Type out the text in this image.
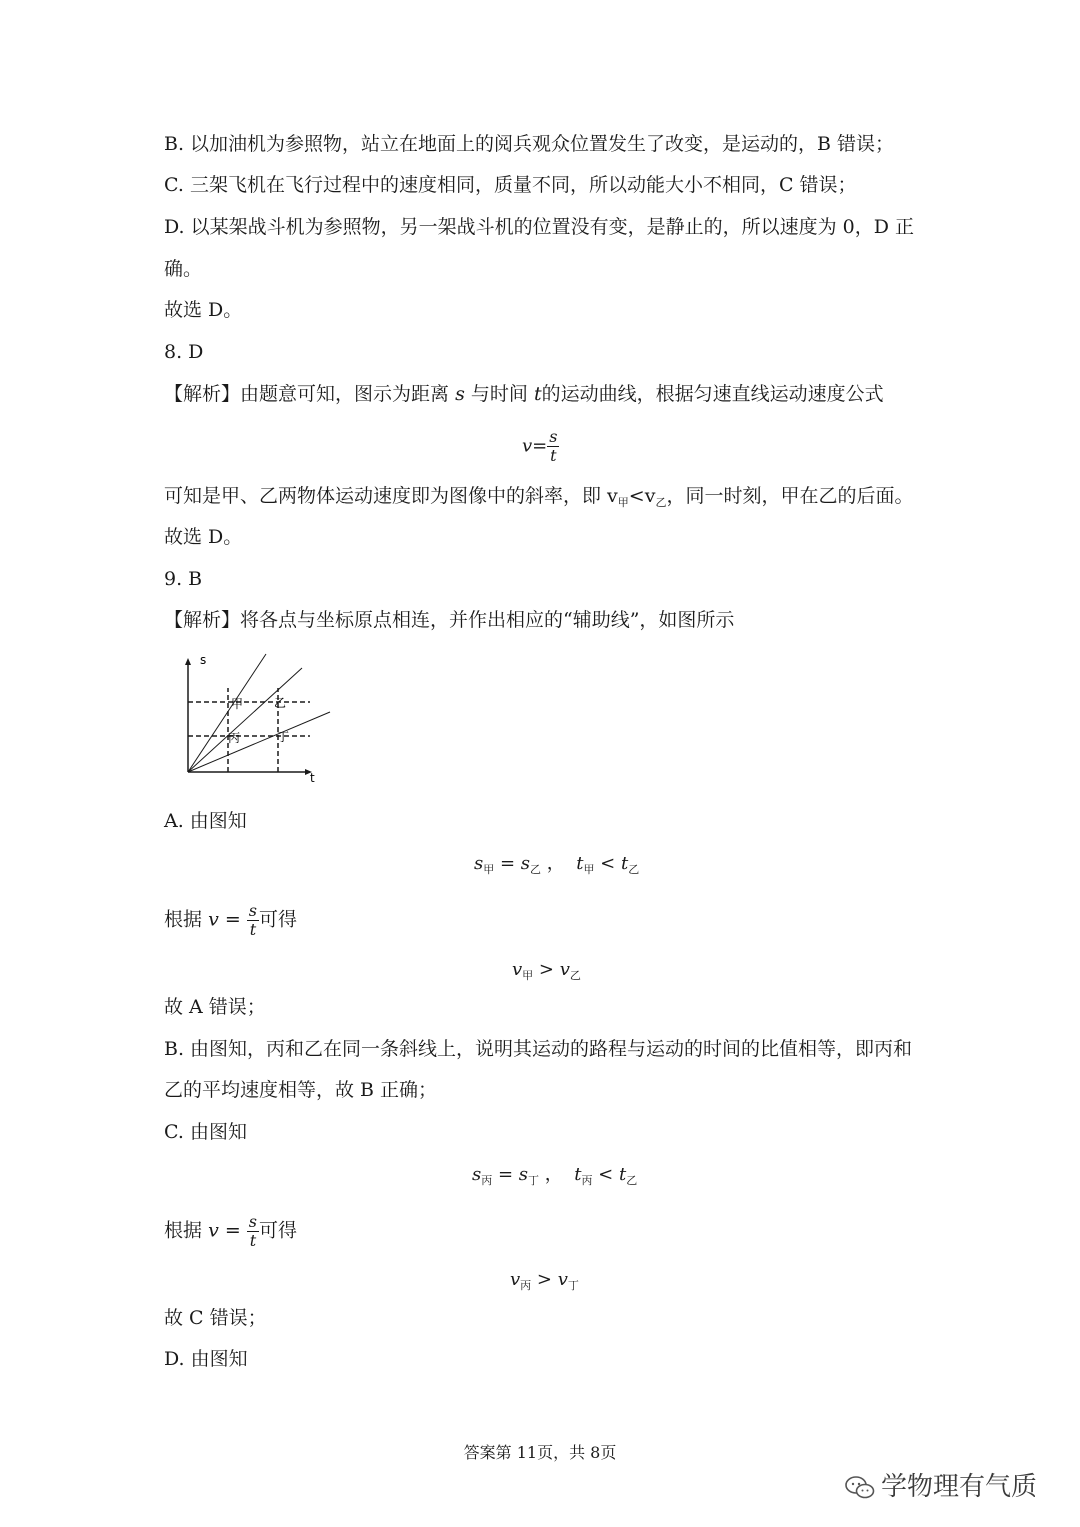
B. 以加油机为参照物，站立在地面上的阅兵观众位置发生了改变，是运动的，B 错误；
C. 三架飞机在飞行过程中的速度相同，质量不同，所以动能大小不相同，C 错误；
D. 以某架战斗机为参照物，另一架战斗机的位置没有变，是静止的，所以速度为 0，D 正
确。
故选 D。
8. D
【解析】由题意可知，图示为距离 s 与时间 t的运动曲线，根据匀速直线运动速度公式
$v= \frac{s}{t}$
可知是甲、乙两物体运动速度即为图像中的斜率，即 $v_甲<v_乙$，同一时刻，甲在乙的后面。
故选 D。
9. B
【解析】将各点与坐标原点相连，并作出相应的“辅助线”，如图所示
s
t
甲	乙
丙	丁
A. 由图知
$s_甲 = s_乙$ ， $t_甲 < t_乙$
根据 $v = \frac{s}{t}$ 可得
$v_甲 > v_乙$
故 A 错误；
B. 由图知，丙和乙在同一条斜线上，说明其运动的路程与运动的时间的比值相等，即丙和
乙的平均速度相等，故 B 正确；
C. 由图知
$s_丙 = s_丁$ ， $t_丙 < t_乙$
根据 $v = \frac{s}{t}$ 可得
$v_丙 > v_丁$
故 C 错误；
D. 由图知
答案第 11页，共 8页
学物理有气质
